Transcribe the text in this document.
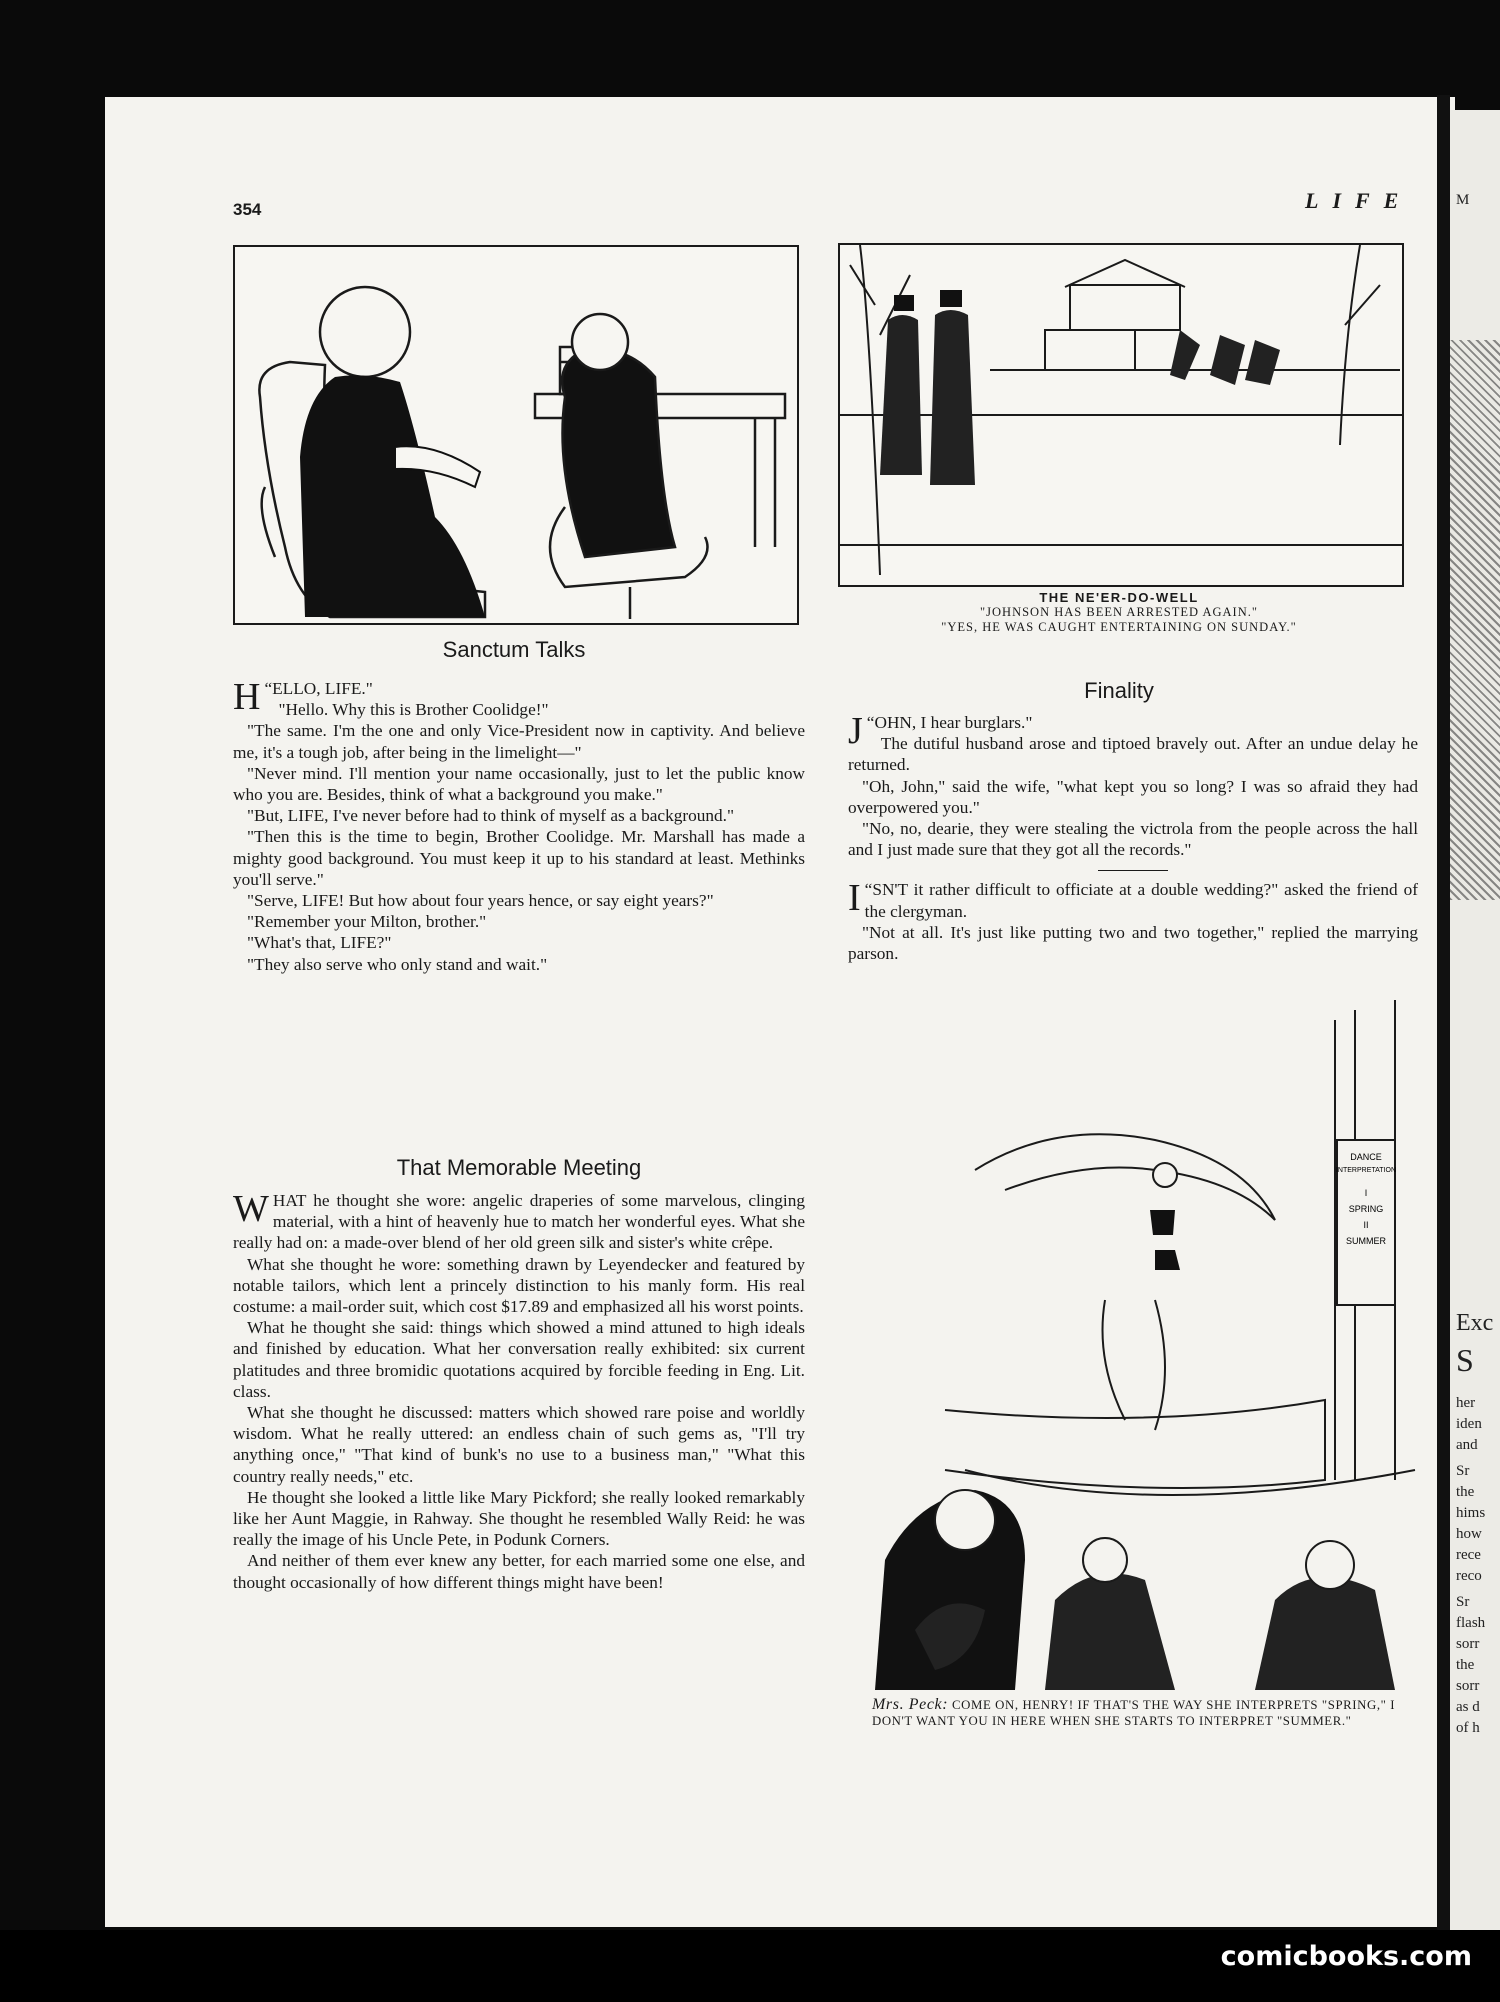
M
Exc
S
her
iden
and
Sr
the
hims
how
rece
reco
Sr
flash
sorr
the
sorr
as d
of h
comicbooks.com
354	LIFE
Sanctum Talks

“
H ELLO, LIFE."

"Hello. Why this is Brother Coolidge!"

"The same. I'm the one and only Vice-President now in captivity. And believe me, it's a tough job, after being in the limelight—"

"Never mind. I'll mention your name occasionally, just to let the public know who you are. Besides, think of what a background you make."

"But, LIFE, I've never before had to think of myself as a background."

"Then this is the time to begin, Brother Coolidge. Mr. Marshall has made a mighty good background. You must keep it up to his standard at least. Methinks you'll serve."

"Serve, LIFE! But how about four years hence, or say eight years?"

"Remember your Milton, brother."

"What's that, LIFE?"

"They also serve who only stand and wait."

That Memorable Meeting

WHAT he thought she wore: angelic draperies of some marvelous, clinging material, with a hint of heavenly hue to match her wonderful eyes. What she really had on: a made-over blend of her old green silk and sister's white crêpe.

What she thought he wore: something drawn by Leyendecker and featured by notable tailors, which lent a princely distinction to his manly form. His real costume: a mail-order suit, which cost $17.89 and emphasized all his worst points.

What he thought she said: things which showed a mind attuned to high ideals and finished by education. What her conversation really exhibited: six current platitudes and three bromidic quotations acquired by forcible feeding in Eng. Lit. class.

What she thought he discussed: matters which showed rare poise and worldly wisdom. What he really uttered: an endless chain of such gems as, "I'll try anything once," "That kind of bunk's no use to a business man," "What this country really needs," etc.

He thought she looked a little like Mary Pickford; she really looked remarkably like her Aunt Maggie, in Rahway. She thought he resembled Wally Reid: he was really the image of his Uncle Pete, in Podunk Corners.

And neither of them ever knew any better, for each married some one else, and thought occasionally of how different things might have been!

THE NE'ER-DO-WELL
"JOHNSON HAS BEEN ARRESTED AGAIN."
"YES, HE WAS CAUGHT ENTERTAINING ON SUNDAY."
Finality

“
J OHN, I hear burglars."

The dutiful husband arose and tiptoed bravely out. After an undue delay he returned.

"Oh, John," said the wife, "what kept you so long? I was so afraid they had overpowered you."

"No, no, dearie, they were stealing the victrola from the people across the hall and I just made sure that they got all the records."

“
I SN'T it rather difficult to officiate at a double wedding?" asked the friend of the clergyman.

"Not at all. It's just like putting two and two together," replied the marrying parson.

DANCE
INTERPRETATION
I
SPRING
II
SUMMER
Mrs. Peck: COME ON, HENRY! IF THAT'S THE WAY SHE INTERPRETS "SPRING," I DON'T WANT YOU IN HERE WHEN SHE STARTS TO INTERPRET "SUMMER."
